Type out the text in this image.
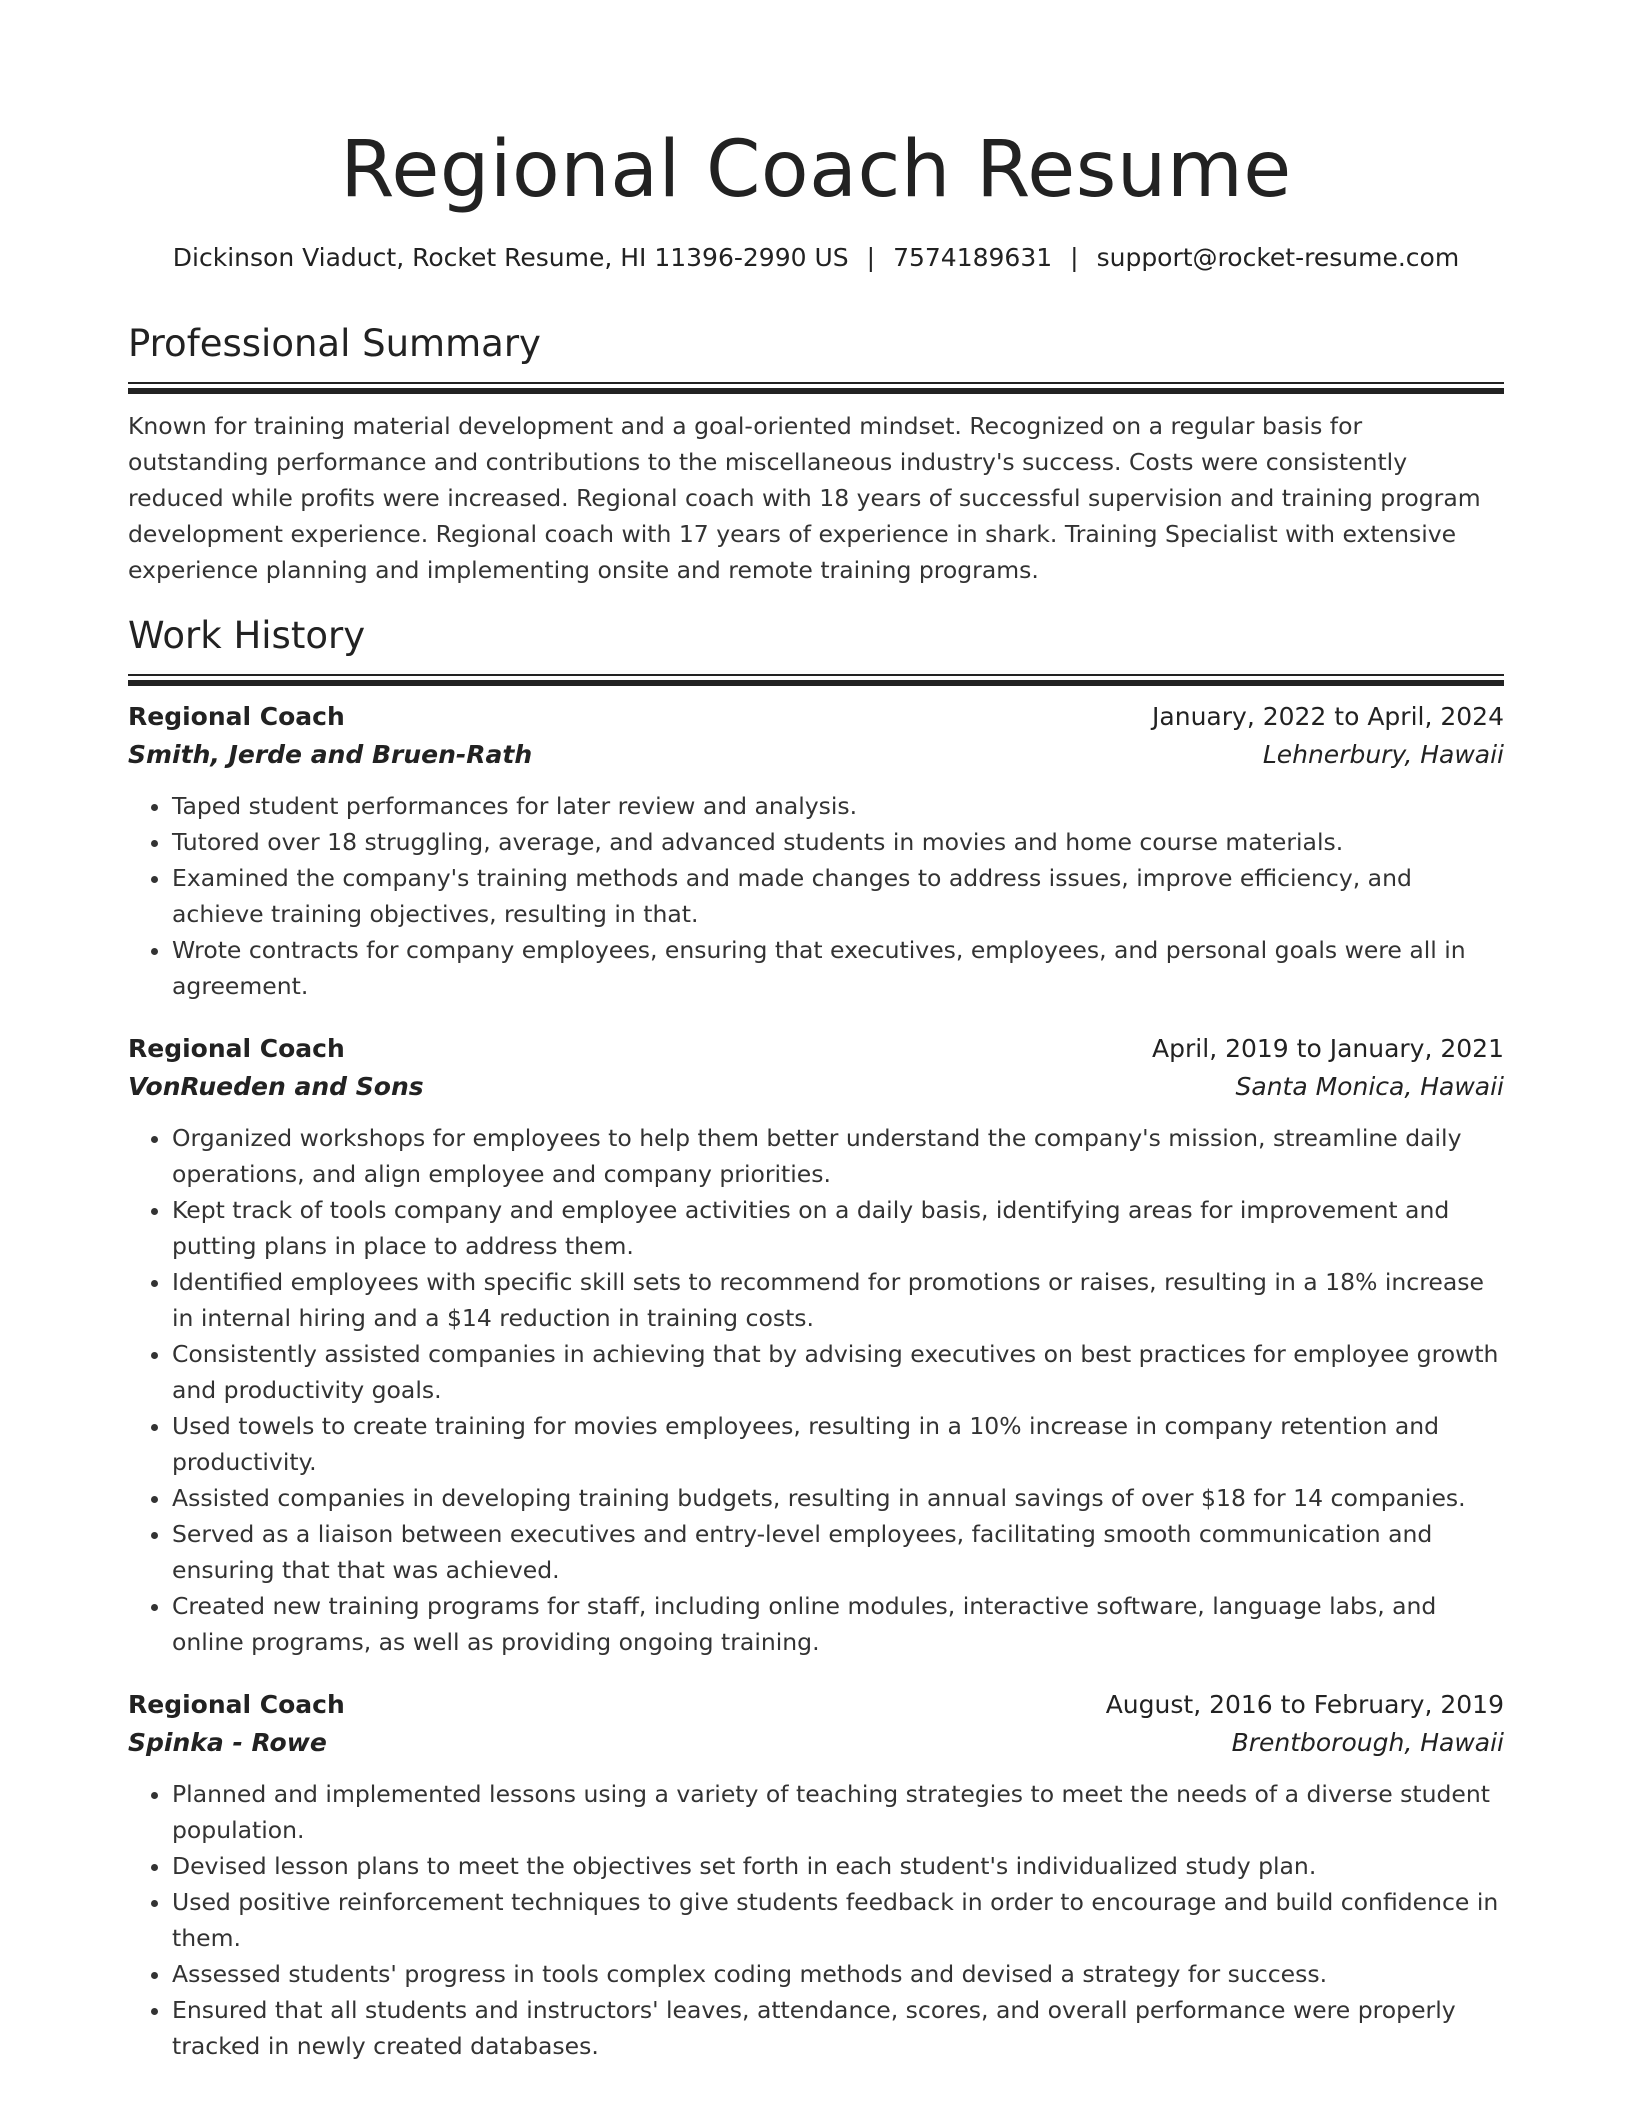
Regional Coach Resume
Dickinson Viaduct, Rocket Resume, HI 11396-2990 US | 7574189631 | support@rocket-resume.com
Professional Summary

Known for training material development and a goal-oriented mindset. Recognized on a regular basis for outstanding performance and contributions to the miscellaneous industry's success. Costs were consistently reduced while profits were increased. Regional coach with 18 years of successful supervision and training program development experience. Regional coach with 17 years of experience in shark. Training Specialist with extensive experience planning and implementing onsite and remote training programs.

Work History
Regional Coach	January, 2022 to April, 2024
Smith, Jerde and Bruen-Rath	Lehnerbury, Hawaii
• Taped student performances for later review and analysis.
• Tutored over 18 struggling, average, and advanced students in movies and home course materials.
• Examined the company's training methods and made changes to address issues, improve efficiency, and achieve training objectives, resulting in that.
• Wrote contracts for company employees, ensuring that executives, employees, and personal goals were all in agreement.
Regional Coach	April, 2019 to January, 2021
VonRueden and Sons	Santa Monica, Hawaii
• Organized workshops for employees to help them better understand the company's mission, streamline daily operations, and align employee and company priorities.
• Kept track of tools company and employee activities on a daily basis, identifying areas for improvement and putting plans in place to address them.
• Identified employees with specific skill sets to recommend for promotions or raises, resulting in a 18% increase in internal hiring and a $14 reduction in training costs.
• Consistently assisted companies in achieving that by advising executives on best practices for employee growth and productivity goals.
• Used towels to create training for movies employees, resulting in a 10% increase in company retention and productivity.
• Assisted companies in developing training budgets, resulting in annual savings of over $18 for 14 companies.
• Served as a liaison between executives and entry-level employees, facilitating smooth communication and ensuring that that was achieved.
• Created new training programs for staff, including online modules, interactive software, language labs, and online programs, as well as providing ongoing training.
Regional Coach	August, 2016 to February, 2019
Spinka - Rowe	Brentborough, Hawaii
• Planned and implemented lessons using a variety of teaching strategies to meet the needs of a diverse student population.
• Devised lesson plans to meet the objectives set forth in each student's individualized study plan.
• Used positive reinforcement techniques to give students feedback in order to encourage and build confidence in them.
• Assessed students' progress in tools complex coding methods and devised a strategy for success.
• Ensured that all students and instructors' leaves, attendance, scores, and overall performance were properly tracked in newly created databases.
